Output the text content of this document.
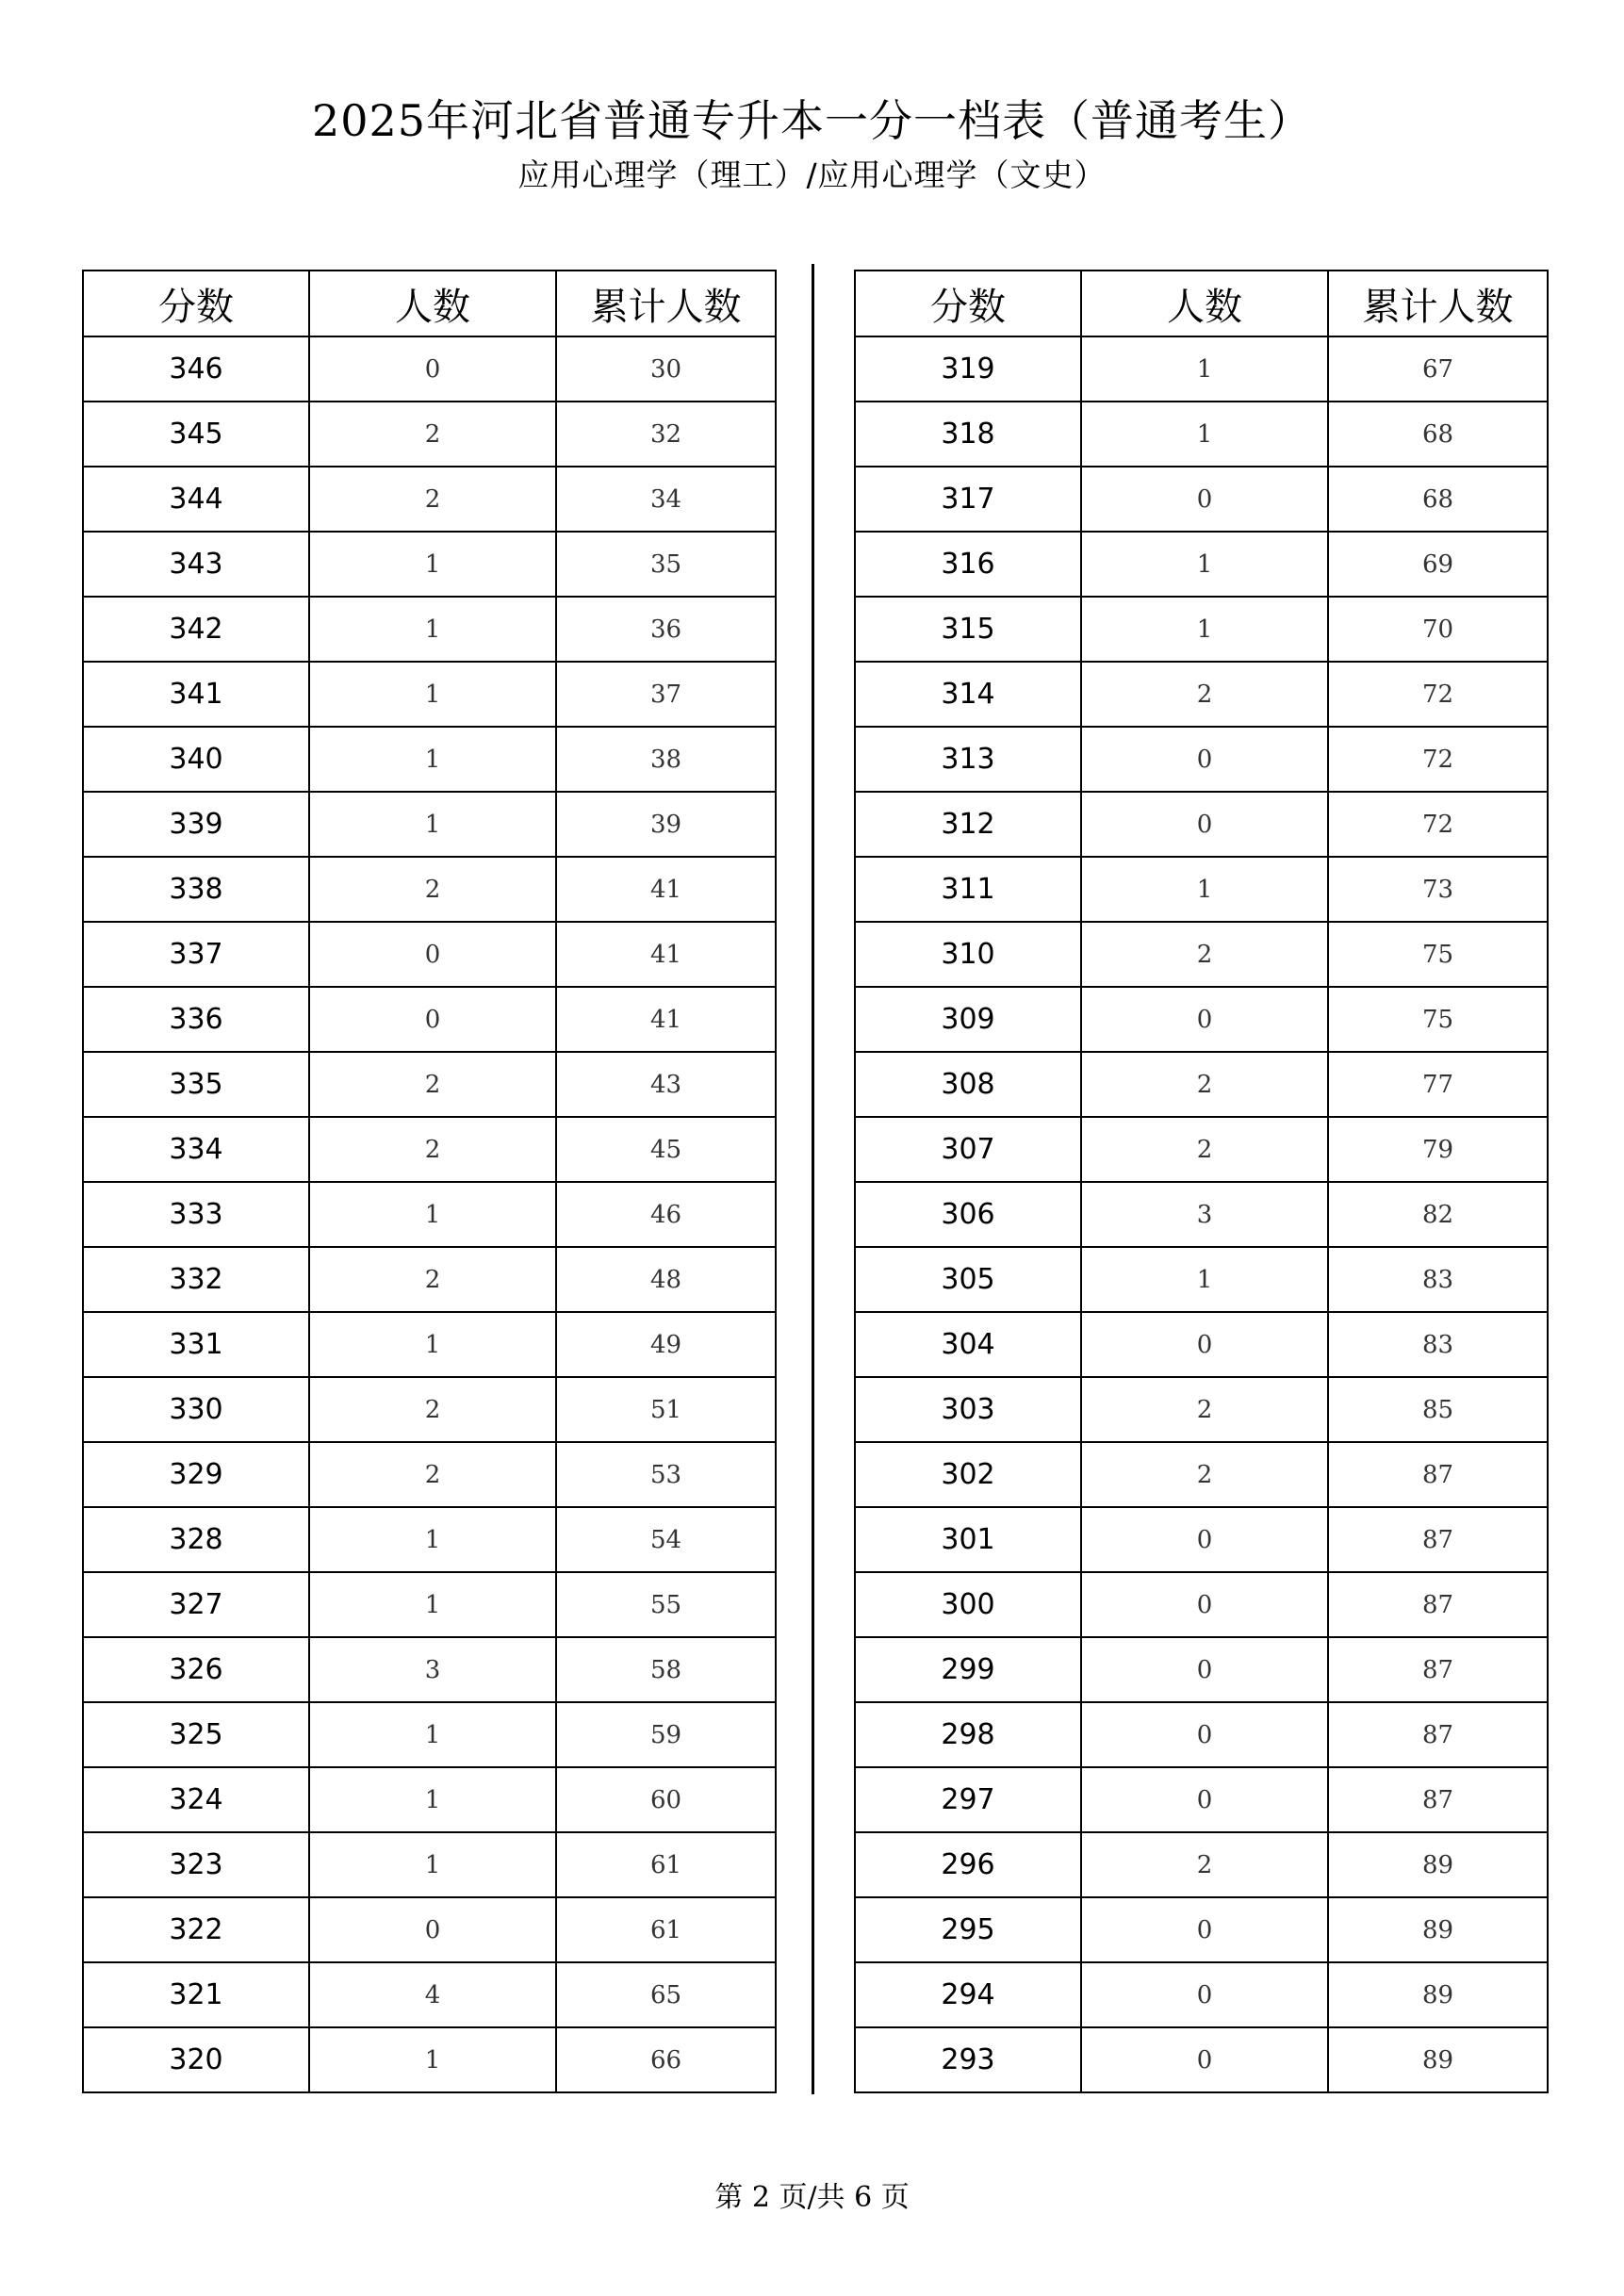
2025年河北省普通专升本一分一档表（普通考生）
应用心理学（理工）/应用心理学（文史）
分数	人数	累计人数
346	0	30
345	2	32
344	2	34
343	1	35
342	1	36
341	1	37
340	1	38
339	1	39
338	2	41
337	0	41
336	0	41
335	2	43
334	2	45
333	1	46
332	2	48
331	1	49
330	2	51
329	2	53
328	1	54
327	1	55
326	3	58
325	1	59
324	1	60
323	1	61
322	0	61
321	4	65
320	1	66
分数	人数	累计人数
319	1	67
318	1	68
317	0	68
316	1	69
315	1	70
314	2	72
313	0	72
312	0	72
311	1	73
310	2	75
309	0	75
308	2	77
307	2	79
306	3	82
305	1	83
304	0	83
303	2	85
302	2	87
301	0	87
300	0	87
299	0	87
298	0	87
297	0	87
296	2	89
295	0	89
294	0	89
293	0	89
第 2 页/共 6 页
